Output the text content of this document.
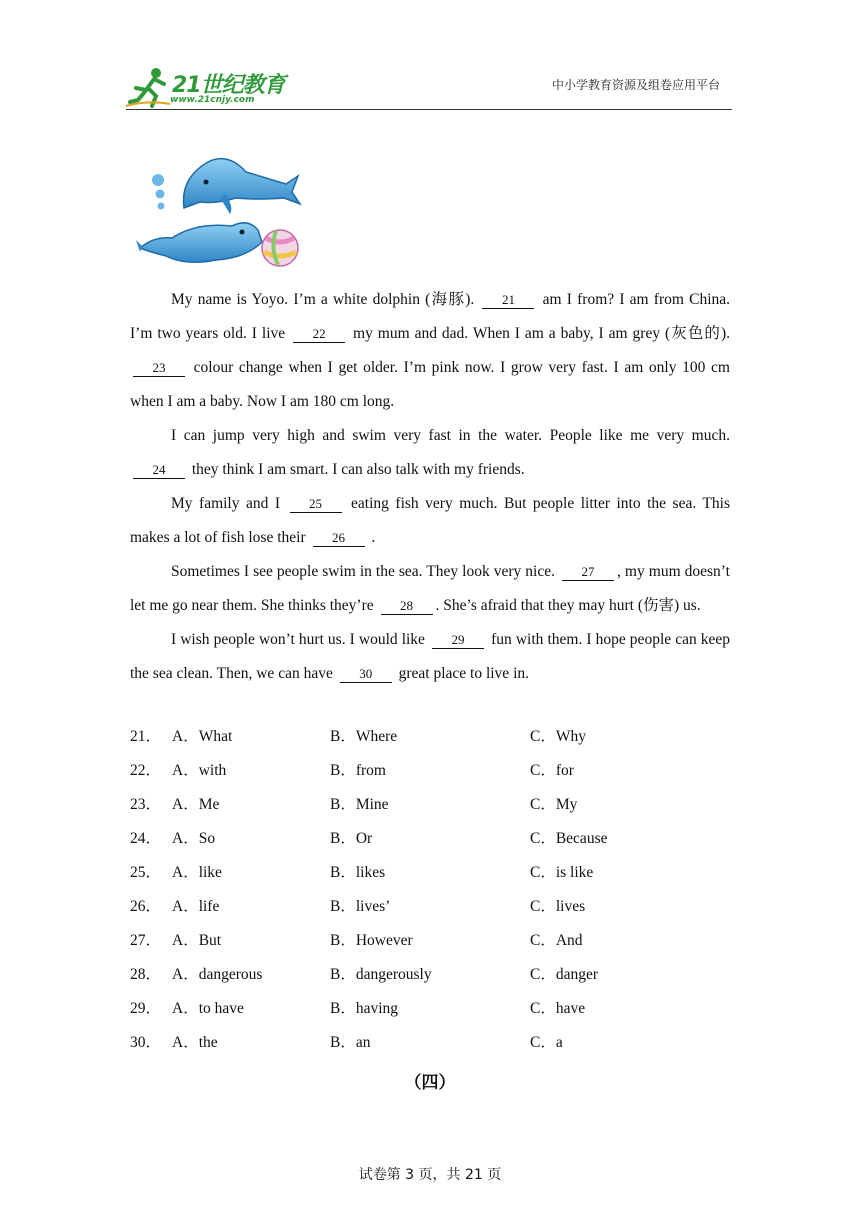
21世纪教育
www.21cnjy.com
中小学教育资源及组卷应用平台

My name is Yoyo. I’m a white dolphin (海豚). 21 am I from? I am from China. I’m two years old. I live 22 my mum and dad. When I am a baby, I am grey (灰色的). 23 colour change when I get older. I’m pink now. I grow very fast. I am only 100 cm when I am a baby. Now I am 180 cm long.

I can jump very high and swim very fast in the water. People like me very much. 24 they think I am smart. I can also talk with my friends.

My family and I 25 eating fish very much. But people litter into the sea. This makes a lot of fish lose their 26 .

Sometimes I see people swim in the sea. They look very nice. 27 , my mum doesn’t let me go near them. She thinks they’re 28 . She’s afraid that they may hurt (伤害) us.

I wish people won’t hurt us. I would like 29 fun with them. I hope people can keep the sea clean. Then, we can have 30 great place to live in.

21． A．What	B．Where	C．Why
22． A．with	B．from	C．for
23． A．Me	B．Mine	C．My
24． A．So	B．Or	C．Because
25． A．like	B．likes	C．is like
26． A．life	B．lives’	C．lives
27． A．But	B．However	C．And
28． A．dangerous	B．dangerously	C．danger
29． A．to have	B．having	C．have
30． A．the	B．an	C．a
（四）
试卷第 3 页，共 21 页
